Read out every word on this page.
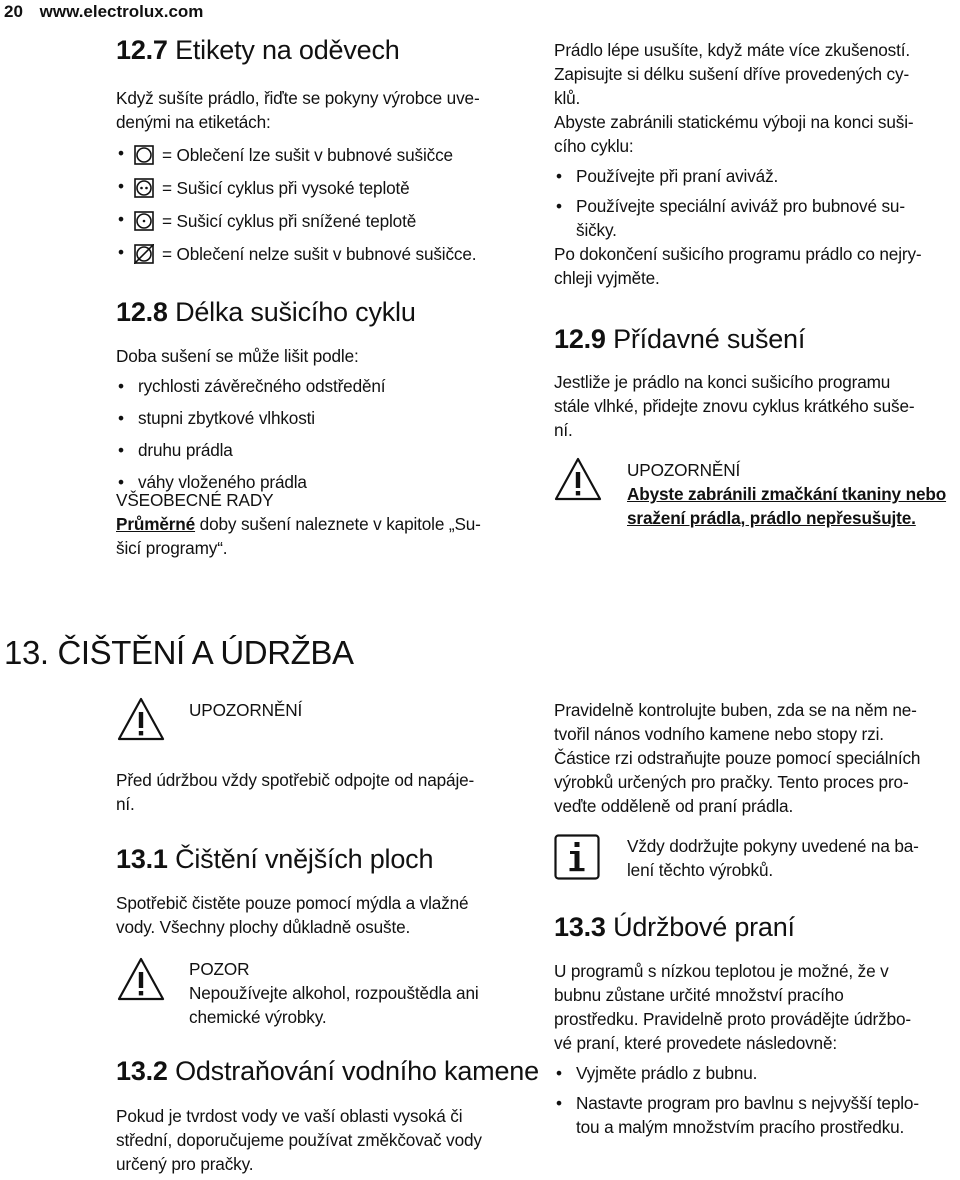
20 www.electrolux.com
12.7 Etikety na oděvech

Když sušíte prádlo, řiďte se pokyny výrobce uve-

denými na etiketách:

• = Oblečení lze sušit v bubnové sušičce
• = Sušicí cyklus při vysoké teplotě
• = Sušicí cyklus při snížené teplotě
• = Oblečení nelze sušit v bubnové sušičce.
12.8 Délka sušicího cyklu

Doba sušení se může lišit podle:

• rychlosti závěrečného odstředění
• stupni zbytkové vlhkosti
• druhu prádla
• váhy vloženého prádla

VŠEOBECNÉ RADY

Průměrné doby sušení naleznete v kapitole „Su-

šicí programy“.

Prádlo lépe usušíte, když máte více zkušeností.

Zapisujte si délku sušení dříve provedených cy-

klů.

Abyste zabránili statickému výboji na konci suši-

cího cyklu:

• Používejte při praní aviváž.
• Používejte speciální aviváž pro bubnové su-
šičky.

Po dokončení sušicího programu prádlo co nejry-

chleji vyjměte.

12.9 Přídavné sušení

Jestliže je prádlo na konci sušicího programu

stále vlhké, přidejte znovu cyklus krátkého suše-

ní.

UPOZORNĚNÍ

Abyste zabránili zmačkání tkaniny nebo

sražení prádla, prádlo nepřesušujte.

13. ČIŠTĚNÍ A ÚDRŽBA

UPOZORNĚNÍ

Před údržbou vždy spotřebič odpojte od napáje-

ní.

13.1 Čištění vnějších ploch

Spotřebič čistěte pouze pomocí mýdla a vlažné

vody. Všechny plochy důkladně osušte.

POZOR

Nepoužívejte alkohol, rozpouštědla ani

chemické výrobky.

13.2 Odstraňování vodního kamene

Pokud je tvrdost vody ve vaší oblasti vysoká či

střední, doporučujeme používat změkčovač vody

určený pro pračky.

Pravidelně kontrolujte buben, zda se na něm ne-

tvořil nános vodního kamene nebo stopy rzi.

Částice rzi odstraňujte pouze pomocí speciálních

výrobků určených pro pračky. Tento proces pro-

veďte odděleně od praní prádla.

Vždy dodržujte pokyny uvedené na ba-

lení těchto výrobků.

13.3 Údržbové praní

U programů s nízkou teplotou je možné, že v

bubnu zůstane určité množství pracího

prostředku. Pravidelně proto provádějte údržbo-

vé praní, které provedete následovně:

• Vyjměte prádlo z bubnu.
• Nastavte program pro bavlnu s nejvyšší teplo-
tou a malým množstvím pracího prostředku.
